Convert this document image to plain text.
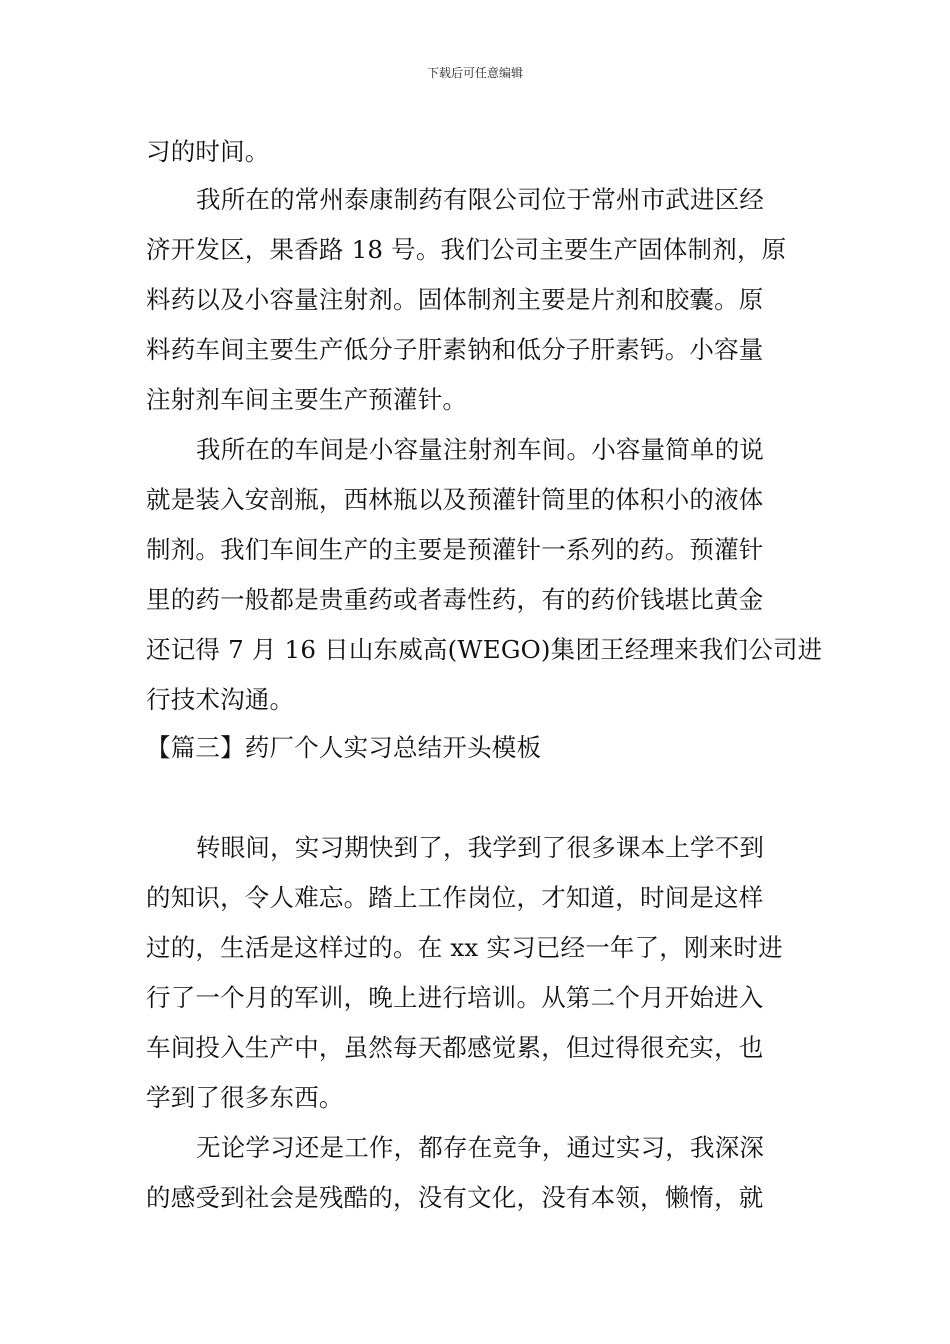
下载后可任意编辑
习的时间。
我所在的常州泰康制药有限公司位于常州市武进区经
济开发区，果香路 18 号。我们公司主要生产固体制剂，原
料药以及小容量注射剂。固体制剂主要是片剂和胶囊。原
料药车间主要生产低分子肝素钠和低分子肝素钙。小容量
注射剂车间主要生产预灌针。
我所在的车间是小容量注射剂车间。小容量简单的说
就是装入安剖瓶，西林瓶以及预灌针筒里的体积小的液体
制剂。我们车间生产的主要是预灌针一系列的药。预灌针
里的药一般都是贵重药或者毒性药，有的药价钱堪比黄金
还记得 7 月 16 日山东威高(WEGO)集团王经理来我们公司进
行技术沟通。
【篇三】药厂个人实习总结开头模板
转眼间，实习期快到了，我学到了很多课本上学不到
的知识，令人难忘。踏上工作岗位，才知道，时间是这样
过的，生活是这样过的。在 xx 实习已经一年了，刚来时进
行了一个月的军训，晚上进行培训。从第二个月开始进入
车间投入生产中，虽然每天都感觉累，但过得很充实，也
学到了很多东西。
无论学习还是工作，都存在竞争，通过实习，我深深
的感受到社会是残酷的，没有文化，没有本领，懒惰，就
